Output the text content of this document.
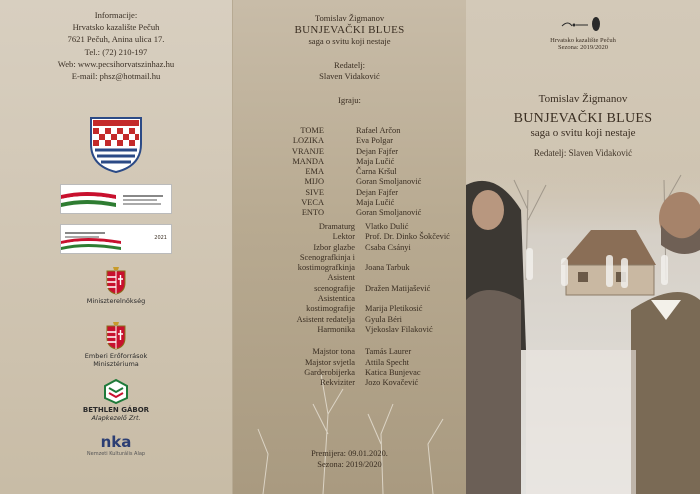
Informacije:
Hrvatsko kazalište Pečuh
7621 Pečuh, Anina ulica 17.
Tel.: (72) 210-197
Web: www.pecsihorvatszinhaz.hu
E-mail: phsz@hotmail.hu
2021
Miniszterelnökség
Emberi Erőforrások
Minisztériuma
BETHLEN GÁBOR
Alapkezelő Zrt.
nka
Nemzeti Kulturális Alap
Tomislav Žigmanov
BUNJEVAČKI BLUES
saga o svitu koji nestaje
Redatelj:
Slaven Vidaković
Igraju:
TOME	Rafael Arčon
LOZIKA	Eva Polgar
VRANJE	Dejan Fajfer
MANDA	Maja Lučić
EMA	Čarna Kršul
MIJO	Goran Smoljanović
SIVE	Dejan Fajfer
VECA	Maja Lučić
ENTO	Goran Smoljanović
Dramaturg	Vlatko Dulić
Lektor	Prof. Dr. Dinko Šokčević
Izbor glazbe	Csaba Csányi
Scenografkinja i
kostimografkinja	Joana Tarbuk
Asistent
scenografije	Dražen Matijašević
Asistentica
kostimografije	Marija Pletikosić
Asistent redatelja	Gyula Béri
Harmonika	Vjekoslav Filaković
Majstor tona	Tamás Laurer
Majstor svjetla	Attila Specht
Garderobijerka	Katica Bunjevac
Rekviziter	Jozo Kovačević
Premijera: 09.01.2020.
Sezona: 2019/2020
Hrvatsko kazalište Pečuh
Sezona: 2019/2020
Tomislav Žigmanov
BUNJEVAČKI BLUES
saga o svitu koji nestaje
